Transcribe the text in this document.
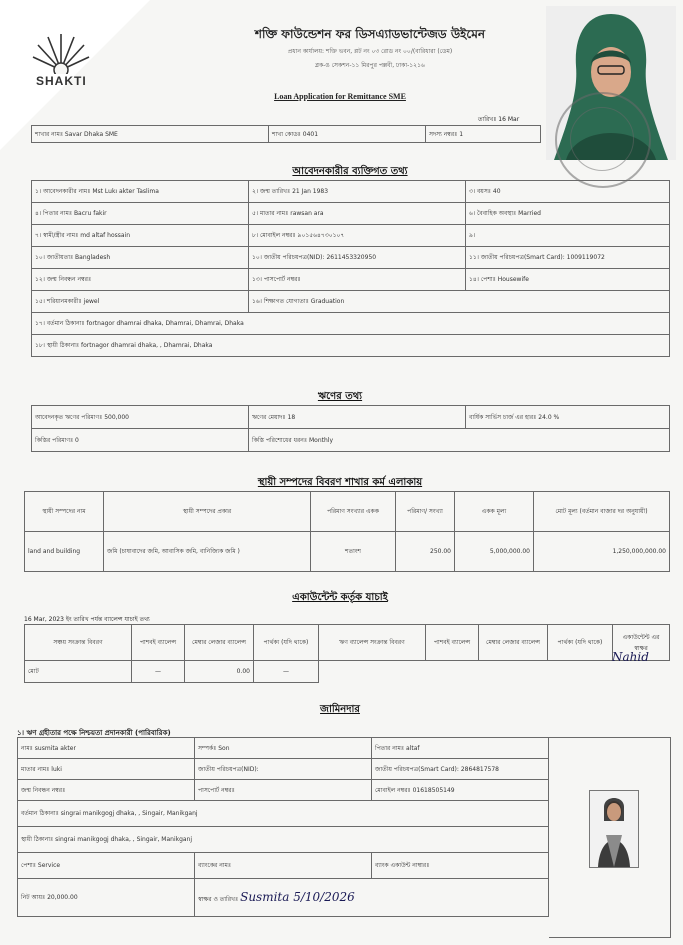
SHAKTI
শক্তি ফাউন্ডেশন ফর ডিসএ্যাডভান্টেজড উইমেন
প্রধান কার্যালয়: শক্তি ভবন, প্লট নং ০৩ রোড নং ০০/(বারিধারা (ডেম)
ব্লক-ঙ সেকশন-১১ মিরপুর পল্লবী, ঢাকা-১২১৬
Loan Application for Remittance SME
তারিখঃ 16 Mar
শাখার নামঃ Savar Dhaka SME	শাখা কোডঃ 0401	সদস্য নম্বরঃ 1
আবেদনকারীর ব্যক্তিগত তথ্য
১। আবেদনকারীর নামঃ Mst Lukı akter Taslima	২। জন্ম তারিখঃ 21 Jan 1983	৩। বয়সঃ 40
৪। পিতার নামঃ Bacru fakir	৫। মাতার নামঃ rawsan ara	৬। বৈবাহিক অবস্থাঃ Married
৭। স্বামী/স্ত্রীর নামঃ md altaf hossain	৮। মোবাইল নম্বরঃ ৯০১৫৬৪৭৩০১০৭	৯।
১০। জাতীয়তাঃ Bangladesh	১০। জাতীয় পরিচয়পত্র(NID): 2611453320950	১১। জাতীয় পরিচয়পত্র(Smart Card): 1009119072
১২। জন্ম নিবন্ধন নম্বরঃ	১৩। পাসপোর্ট নম্বরঃ	১৪। পেশাঃ Housewife
১৫। শরিয়ানমকারীঃ jewel	১৬। শিক্ষাগত যোগ্যতাঃ Graduation
১৭। বর্তমান ঠিকানাঃ fortnagor dhamrai dhaka, Dhamrai, Dhamrai, Dhaka		
১৮। স্থায়ী ঠিকানাঃ fortnagor dhamrai dhaka, , Dhamrai, Dhaka		
ঋণের তথ্য
আবেদনকৃত ঋণের পরিমাণঃ 500,000	ঋণের মেয়াদঃ 18	বার্ষিক সার্ভিস চার্জ এর হারঃ 24.0 %
কিস্তির পরিমাণঃ 0	কিস্তি পরিশোধের ধরনঃ Monthly	
স্থায়ী সম্পদের বিবরণ শাখার কর্ম এলাকায়
স্থায়ী সম্পদের নাম	স্থায়ী সম্পদের প্রকার	পরিমাণ সংখ্যার একক	পরিমাণ/ সংখ্যা	একক মূল্য	মোট মূল্য (বর্তমান বাজার দর অনুযায়ী)
land and building	জমি (চাষাবাদের জমি, আবাসিক জমি, বানিজ্যিক জমি )	শতাংশ	250.00	5,000,000.00	1,250,000,000.00
একাউন্টেন্ট কর্তৃক যাচাই
16 Mar, 2023 ইং তারিখ পর্যন্ত ব্যালেন্স যাচাই তথ্য
সঞ্চয় সংক্রান্ত বিবরণ	পাশবই ব্যালেন্স	মেম্বার লেজার ব্যালেন্স	পার্থক্য (যদি থাকে)	ঋণ ব্যালেন্স সংক্রান্ত বিবরণ	পাশবই ব্যালেন্স	মেম্বার লেজার ব্যালেন্স	পার্থক্য (যদি থাকে)	একাউন্টেন্ট এর স্বাক্ষর
মোট	—	0.00	—					
Nahid
জামিনদার
১। ঋণ গ্রহীতার পক্ষে নিশ্চয়তা প্রদানকারী (পারিবারিক)
নামঃ susmita akter	সম্পর্কঃ Son	পিতার নামঃ altaf
মাতার নামঃ luki	জাতীয় পরিচয়পত্র(NID):	জাতীয় পরিচয়পত্র(Smart Card): 2864817578
জন্ম নিবন্ধন নম্বরঃ	পাসপোর্ট নম্বরঃ	মোবাইল নম্বরঃ 01618505149
বর্তমান ঠিকানাঃ singrai manikgogj dhaka, , Singair, Manikganj		
স্থায়ী ঠিকানাঃ singrai manikgogj dhaka, , Singair, Manikganj		
পেশাঃ Service	ব্যাংকের নামঃ	ব্যাংক একাউন্ট নাম্বারঃ
নিট আয়ঃ 20,000.00	স্বাক্ষর ও তারিখঃ Susmita 5/10/2026	
